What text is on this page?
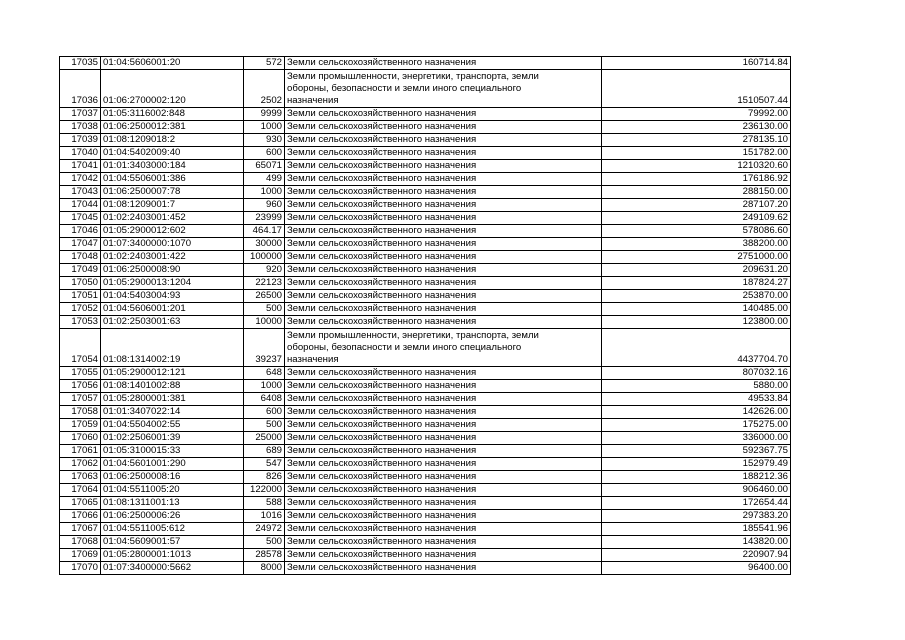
17035	01:04:5606001:20	572	Земли сельскохозяйственного назначения	160714.84
17036	01:06:2700002:120	2502	Земли промышленности, энергетики, транспорта, земли
обороны, безопасности и земли иного специального
назначения	1510507.44
17037	01:05:3116002:848	9999	Земли сельскохозяйственного назначения	79992.00
17038	01:06:2500012:381	1000	Земли сельскохозяйственного назначения	236130.00
17039	01:08:1209018:2	930	Земли сельскохозяйственного назначения	278135.10
17040	01:04:5402009:40	600	Земли сельскохозяйственного назначения	151782.00
17041	01:01:3403000:184	65071	Земли сельскохозяйственного назначения	1210320.60
17042	01:04:5506001:386	499	Земли сельскохозяйственного назначения	176186.92
17043	01:06:2500007:78	1000	Земли сельскохозяйственного назначения	288150.00
17044	01:08:1209001:7	960	Земли сельскохозяйственного назначения	287107.20
17045	01:02:2403001:452	23999	Земли сельскохозяйственного назначения	249109.62
17046	01:05:2900012:602	464.17	Земли сельскохозяйственного назначения	578086.60
17047	01:07:3400000:1070	30000	Земли сельскохозяйственного назначения	388200.00
17048	01:02:2403001:422	100000	Земли сельскохозяйственного назначения	2751000.00
17049	01:06:2500008:90	920	Земли сельскохозяйственного назначения	209631.20
17050	01:05:2900013:1204	22123	Земли сельскохозяйственного назначения	187824.27
17051	01:04:5403004:93	26500	Земли сельскохозяйственного назначения	253870.00
17052	01:04:5606001:201	500	Земли сельскохозяйственного назначения	140485.00
17053	01:02:2503001:63	10000	Земли сельскохозяйственного назначения	123800.00
17054	01:08:1314002:19	39237	Земли промышленности, энергетики, транспорта, земли
обороны, безопасности и земли иного специального
назначения	4437704.70
17055	01:05:2900012:121	648	Земли сельскохозяйственного назначения	807032.16
17056	01:08:1401002:88	1000	Земли сельскохозяйственного назначения	5880.00
17057	01:05:2800001:381	6408	Земли сельскохозяйственного назначения	49533.84
17058	01:01:3407022:14	600	Земли сельскохозяйственного назначения	142626.00
17059	01:04:5504002:55	500	Земли сельскохозяйственного назначения	175275.00
17060	01:02:2506001:39	25000	Земли сельскохозяйственного назначения	336000.00
17061	01:05:3100015:33	689	Земли сельскохозяйственного назначения	592367.75
17062	01:04:5601001:290	547	Земли сельскохозяйственного назначения	152979.49
17063	01:06:2500008:16	826	Земли сельскохозяйственного назначения	188212.36
17064	01:04:5511005:20	122000	Земли сельскохозяйственного назначения	906460.00
17065	01:08:1311001:13	588	Земли сельскохозяйственного назначения	172654.44
17066	01:06:2500006:26	1016	Земли сельскохозяйственного назначения	297383.20
17067	01:04:5511005:612	24972	Земли сельскохозяйственного назначения	185541.96
17068	01:04:5609001:57	500	Земли сельскохозяйственного назначения	143820.00
17069	01:05:2800001:1013	28578	Земли сельскохозяйственного назначения	220907.94
17070	01:07:3400000:5662	8000	Земли сельскохозяйственного назначения	96400.00
